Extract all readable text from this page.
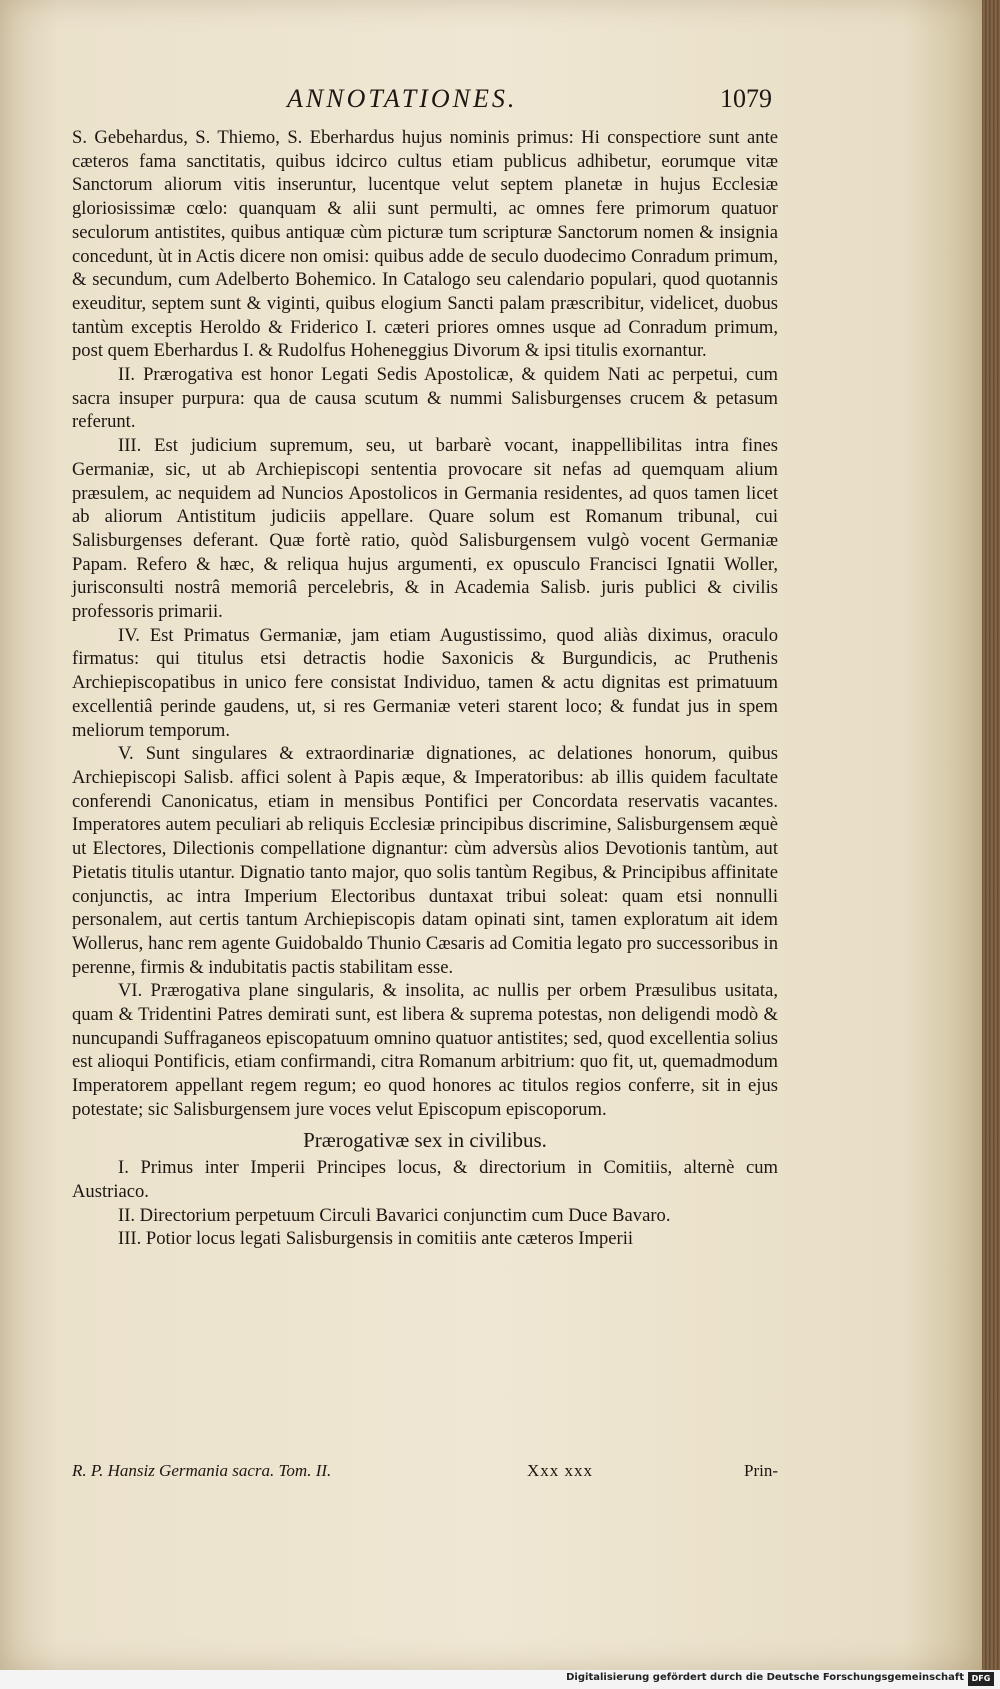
ANNOTATIONES.	1079

S. Gebehardus, S. Thiemo, S. Eberhardus hujus nominis primus: Hi conspectiore sunt ante cæteros fama sanctitatis, quibus idcirco cultus etiam publicus adhibetur, eorumque vitæ Sanctorum aliorum vitis inseruntur, lucentque velut septem planetæ in hujus Ecclesiæ gloriosissimæ cœlo: quanquam & alii sunt permulti, ac omnes fere primorum quatuor seculorum antistites, quibus antiquæ cùm picturæ tum scripturæ Sanctorum nomen & insignia concedunt, ùt in Actis dicere non omisi: quibus adde de seculo duodecimo Conradum primum, & secundum, cum Adelberto Bohemico. In Catalogo seu calendario populari, quod quotannis exeuditur, septem sunt & viginti, quibus elogium Sancti palam præscribitur, videlicet, duobus tantùm exceptis Heroldo & Friderico I. cæteri priores omnes usque ad Conradum primum, post quem Eberhardus I. & Rudolfus Hoheneggius Divorum & ipsi titulis exornantur.

II. Prærogativa est honor Legati Sedis Apostolicæ, & quidem Nati ac perpetui, cum sacra insuper purpura: qua de causa scutum & nummi Salisburgenses crucem & petasum referunt.

III. Est judicium supremum, seu, ut barbarè vocant, inappellibilitas intra fines Germaniæ, sic, ut ab Archiepiscopi sententia provocare sit nefas ad quemquam alium præsulem, ac nequidem ad Nuncios Apostolicos in Germania residentes, ad quos tamen licet ab aliorum Antistitum judiciis appellare. Quare solum est Romanum tribunal, cui Salisburgenses deferant. Quæ fortè ratio, quòd Salisburgensem vulgò vocent Germaniæ Papam. Refero & hæc, & reliqua hujus argumenti, ex opusculo Francisci Ignatii Woller, jurisconsulti nostrâ memoriâ percelebris, & in Academia Salisb. juris publici & civilis professoris primarii.

IV. Est Primatus Germaniæ, jam etiam Augustissimo, quod aliàs diximus, oraculo firmatus: qui titulus etsi detractis hodie Saxonicis & Burgundicis, ac Pruthenis Archiepiscopatibus in unico fere consistat Individuo, tamen & actu dignitas est primatuum excellentiâ perinde gaudens, ut, si res Germaniæ veteri starent loco; & fundat jus in spem meliorum temporum.

V. Sunt singulares & extraordinariæ dignationes, ac delationes honorum, quibus Archiepiscopi Salisb. affici solent à Papis æque, & Imperatoribus: ab illis quidem facultate conferendi Canonicatus, etiam in mensibus Pontifici per Concordata reservatis vacantes. Imperatores autem peculiari ab reliquis Ecclesiæ principibus discrimine, Salisburgensem æquè ut Electores, Dilectionis compellatione dignantur: cùm adversùs alios Devotionis tantùm, aut Pietatis titulis utantur. Dignatio tanto major, quo solis tantùm Regibus, & Principibus affinitate conjunctis, ac intra Imperium Electoribus duntaxat tribui soleat: quam etsi nonnulli personalem, aut certis tantum Archiepiscopis datam opinati sint, tamen exploratum ait idem Wollerus, hanc rem agente Guidobaldo Thunio Cæsaris ad Comitia legato pro successoribus in perenne, firmis & indubitatis pactis stabilitam esse.

VI. Prærogativa plane singularis, & insolita, ac nullis per orbem Præsulibus usitata, quam & Tridentini Patres demirati sunt, est libera & suprema potestas, non deligendi modò & nuncupandi Suffraganeos episcopatuum omnino quatuor antistites; sed, quod excellentia solius est alioqui Pontificis, etiam confirmandi, citra Romanum arbitrium: quo fit, ut, quemadmodum Imperatorem appellant regem regum; eo quod honores ac titulos regios conferre, sit in ejus potestate; sic Salisburgensem jure voces velut Episcopum episcoporum.

Prærogativæ sex in civilibus.

I. Primus inter Imperii Principes locus, & directorium in Comitiis, alternè cum Austriaco.

II. Directorium perpetuum Circuli Bavarici conjunctim cum Duce Bavaro.

III. Potior locus legati Salisburgensis in comitiis ante cæteros Imperii

R. P. Hansiz Germania sacra. Tom. II.	Xxx xxx	Prin-
Digitalisierung gefördert durch die Deutsche Forschungsgemeinschaft DFG
